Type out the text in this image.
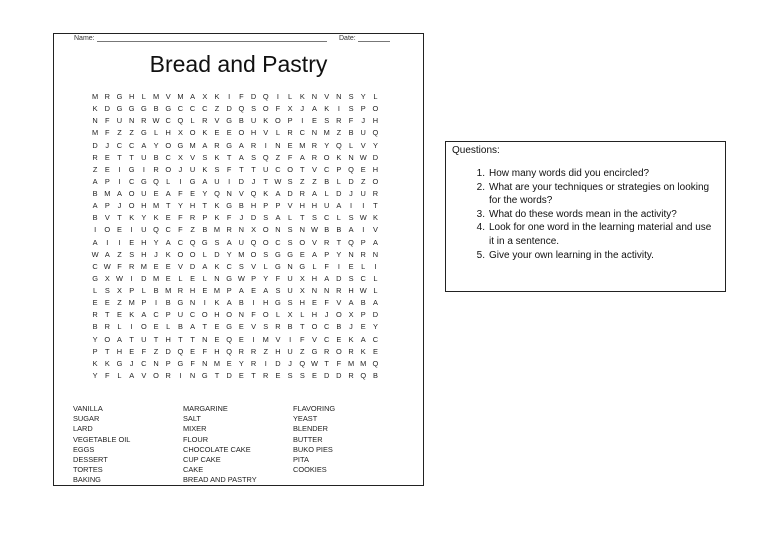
Name:	Date:
Bread and Pastry
M R G H L M V M A X K I F D Q I L K N V N S Y L
K D G G G B G C C C Z D Q S O F X J A K I S P O
N F U N R W C Q L R V G B U K O P I E S R F J H
M F Z Z G L H X O K E E O H V L R C N M Z B U Q
D J C C A Y O G M A R G A R I N E M R Y Q L V Y
R E T T U B C X V S K T A S Q Z F A R O K N W D
Z E I G I R O J U K S F T T U C O T V C P Q E H
A P I C G Q L I G A U I D J T W S Z Z B L D Z O
B M A O U E A F E Y Q N V Q K A D R A L D J U R
A P J O H M T Y H T K G B H P P V H H U A I I T
B V T K Y K E F R P K F J D S A L T S C L S W K
I O E I U Q C F Z B M R N X O N S N W B B A I V
A I I E H Y A C Q G S A U Q O C S O V R T Q P A
W A Z S H J K O O L D Y M O S G G E A P Y N R N
C W F R M E E V D A K C S V L G N G L F I E L I
G X W I D M E L E L N G W P Y F U X H A D S C L
L S X P L B M R H E M P A E A S U X N N R H W L
E E Z M P I B G N I K A B I H G S H E F V A B A
R T E K A C P U C O H O N F O L X L H J O X P D
B R L I O E L B A T E G E V S R B T O C B J E Y
Y O A T U T H T T N E Q E I M V I F V C E K A C
P T H E F Z D Q E F H Q R R Z H U Z G R O R K E
K K G J C N P G F N M E Y R I D J Q W T F M M Q
Y F L A V O R I N G T D E T R E S S E D D R Q B
VANILLA
SUGAR
LARD
VEGETABLE OIL
EGGS
DESSERT
TORTES
BAKING
MARGARINE
SALT
MIXER
FLOUR
CHOCOLATE CAKE
CUP CAKE
CAKE
BREAD AND PASTRY
FLAVORING
YEAST
BLENDER
BUTTER
BUKO PIES
PITA
COOKIES
Questions:
1. How many words did you encircled?
2. What are your techniques or strategies on looking for the words?
3. What do these words mean in the activity?
4. Look for one word in the learning material and use it in a sentence.
5. Give your own learning in the activity.
